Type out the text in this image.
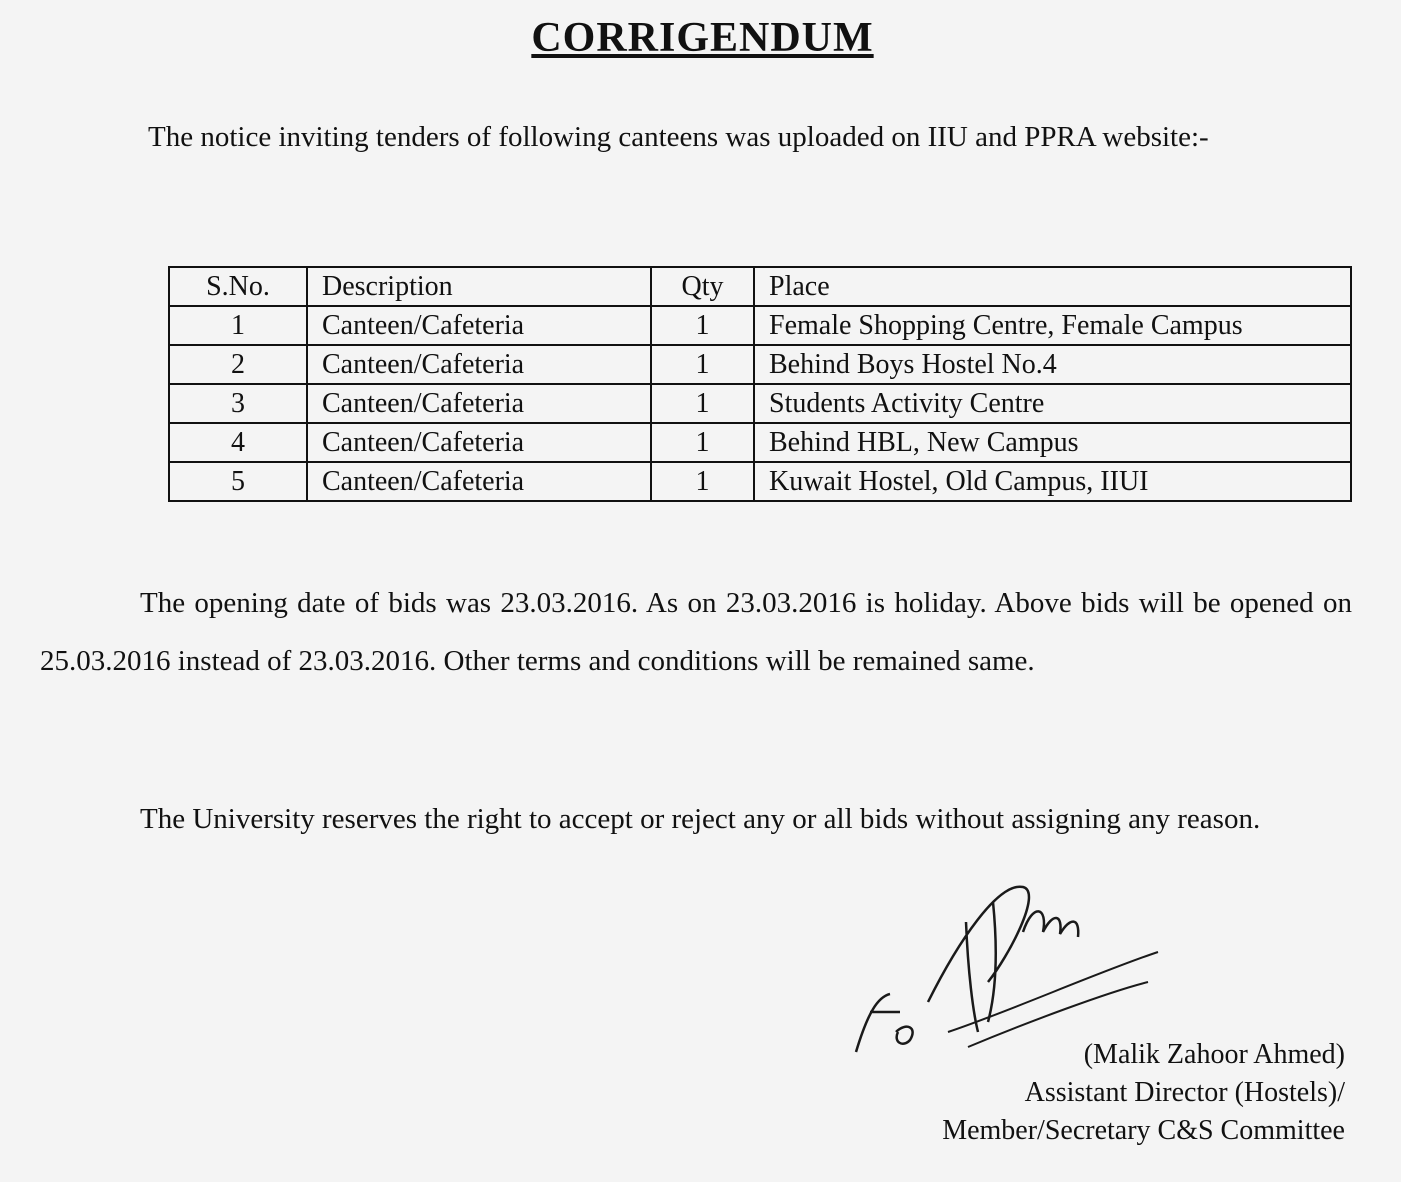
CORRIGENDUM
The notice inviting tenders of following canteens was uploaded on IIU and PPRA website:-
S.No.	Description	Qty	Place
1	Canteen/Cafeteria	1	Female Shopping Centre, Female Campus
2	Canteen/Cafeteria	1	Behind Boys Hostel No.4
3	Canteen/Cafeteria	1	Students Activity Centre
4	Canteen/Cafeteria	1	Behind HBL, New Campus
5	Canteen/Cafeteria	1	Kuwait Hostel, Old Campus, IIUI
The opening date of bids was 23.03.2016. As on 23.03.2016 is holiday. Above bids will be opened on 25.03.2016 instead of 23.03.2016. Other terms and conditions will be remained same.
The University reserves the right to accept or reject any or all bids without assigning any reason.
(Malik Zahoor Ahmed)
Assistant Director (Hostels)/
Member/Secretary C&S Committee
